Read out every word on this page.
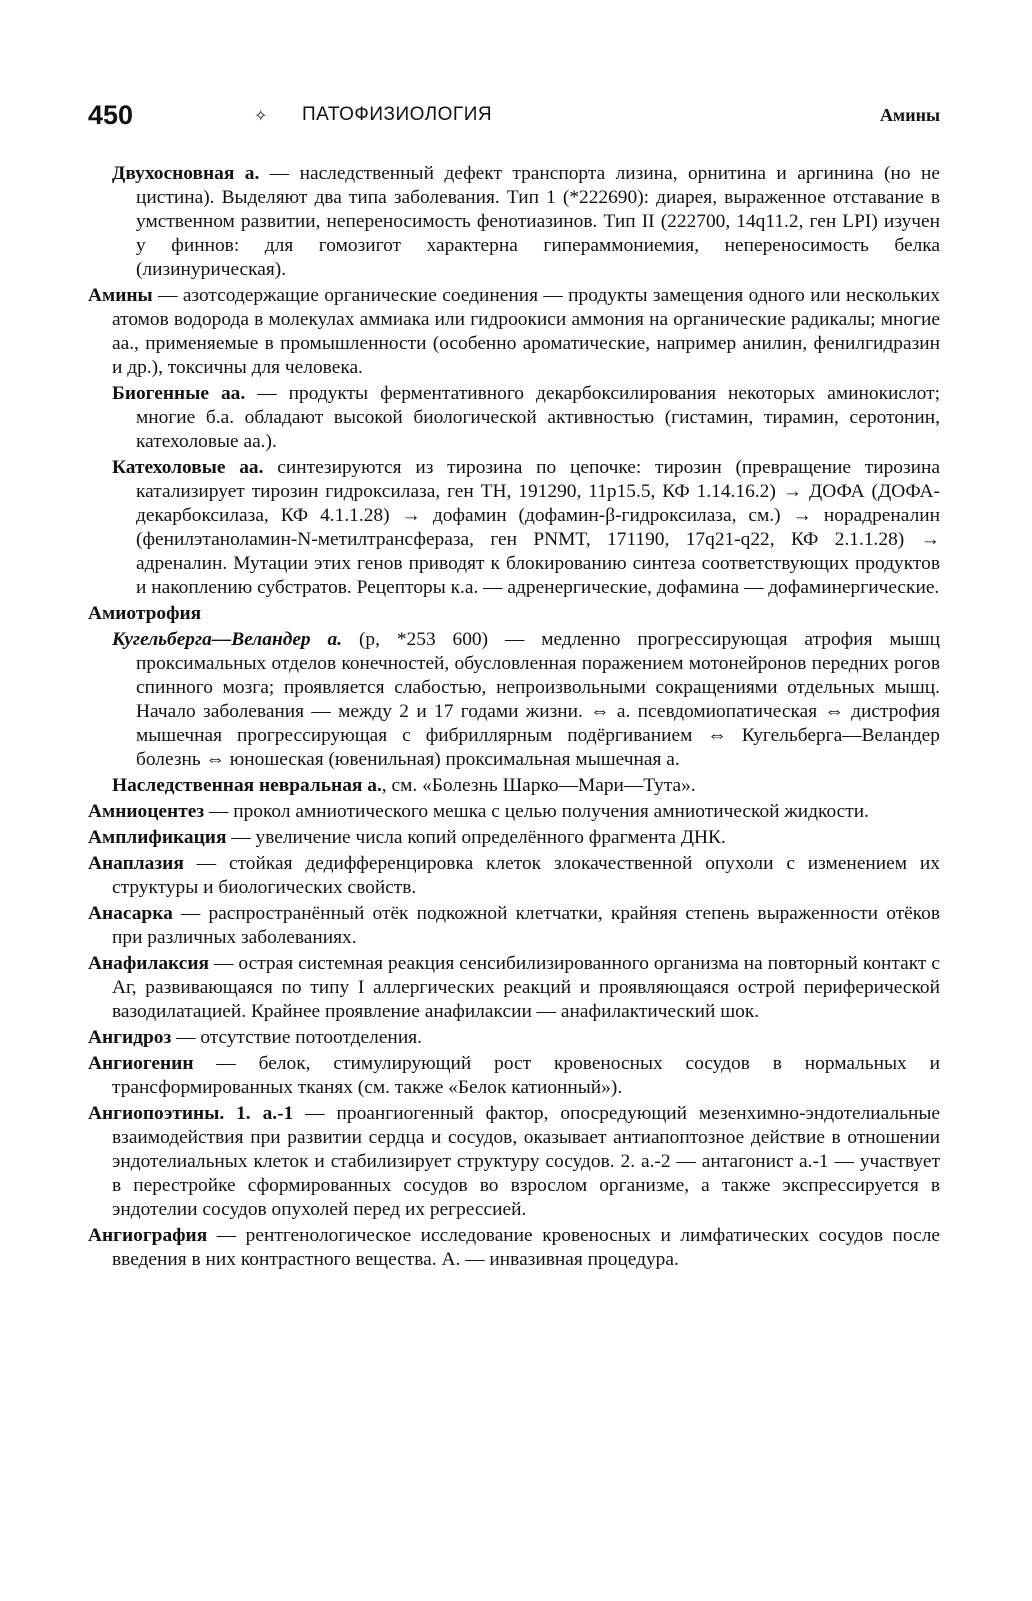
450	✧ ПАТОФИЗИОЛОГИЯ	Амины

Двухосновная а. — наследственный дефект транспорта лизина, орнитина и аргинина (но не цистина). Выделяют два типа заболевания. Тип 1 (*222690): диарея, выраженное отставание в умственном развитии, непереносимость фенотиазинов. Тип II (222700, 14q11.2, ген LPI) изучен у финнов: для гомозигот характерна гипераммониемия, непереносимость белка (лизинурическая).

Амины — азотсодержащие органические соединения — продукты замещения одного или нескольких атомов водорода в молекулах аммиака или гидроокиси аммония на органические радикалы; многие аа., применяемые в промышленности (особенно ароматические, например анилин, фенилгидразин и др.), токсичны для человека.

Биогенные аа. — продукты ферментативного декарбоксилирования некоторых аминокислот; многие б.а. обладают высокой биологической активностью (гистамин, тирамин, серотонин, катехоловые аа.).

Катехоловые аа. синтезируются из тирозина по цепочке: тирозин (превращение тирозина катализирует тирозин гидроксилаза, ген TH, 191290, 11p15.5, КФ 1.14.16.2) → ДОФА (ДОФА-декарбоксилаза, КФ 4.1.1.28) → дофамин (дофамин-β-гидроксилаза, см.) → норадреналин (фенилэтаноламин-N-метилтрансфераза, ген PNMT, 171190, 17q21-q22, КФ 2.1.1.28) → адреналин. Мутации этих генов приводят к блокированию синтеза соответствующих продуктов и накоплению субстратов. Рецепторы к.а. — адренергические, дофамина — дофаминергические.

Амиотрофия

Кугельберга—Веландер а. (р, *253 600) — медленно прогрессирующая атрофия мышц проксимальных отделов конечностей, обусловленная поражением мотонейронов передних рогов спинного мозга; проявляется слабостью, непроизвольными сокращениями отдельных мышц. Начало заболевания — между 2 и 17 годами жизни. ⇔ а. псевдомиопатическая ⇔ дистрофия мышечная прогрессирующая с фибриллярным подёргиванием ⇔ Кугельберга—Веландер болезнь ⇔ юношеская (ювенильная) проксимальная мышечная а.

Наследственная невральная а., см. «Болезнь Шарко—Мари—Тута».

Амниоцентез — прокол амниотического мешка с целью получения амниотической жидкости.

Амплификация — увеличение числа копий определённого фрагмента ДНК.

Анаплазия — стойкая дедифференцировка клеток злокачественной опухоли с изменением их структуры и биологических свойств.

Анасарка — распространённый отёк подкожной клетчатки, крайняя степень выраженности отёков при различных заболеваниях.

Анафилаксия — острая системная реакция сенсибилизированного организма на повторный контакт с Аг, развивающаяся по типу I аллергических реакций и проявляющаяся острой периферической вазодилатацией. Крайнее проявление анафилаксии — анафилактический шок.

Ангидроз — отсутствие потоотделения.

Ангиогенин — белок, стимулирующий рост кровеносных сосудов в нормальных и трансформированных тканях (см. также «Белок катионный»).

Ангиопоэтины. 1. а.-1 — проангиогенный фактор, опосредующий мезенхимно-эндотелиальные взаимодействия при развитии сердца и сосудов, оказывает антиапоптозное действие в отношении эндотелиальных клеток и стабилизирует структуру сосудов. 2. а.-2 — антагонист а.-1 — участвует в перестройке сформированных сосудов во взрослом организме, а также экспрессируется в эндотелии сосудов опухолей перед их регрессией.

Ангиография — рентгенологическое исследование кровеносных и лимфатических сосудов после введения в них контрастного вещества. А. — инвазивная процедура.
